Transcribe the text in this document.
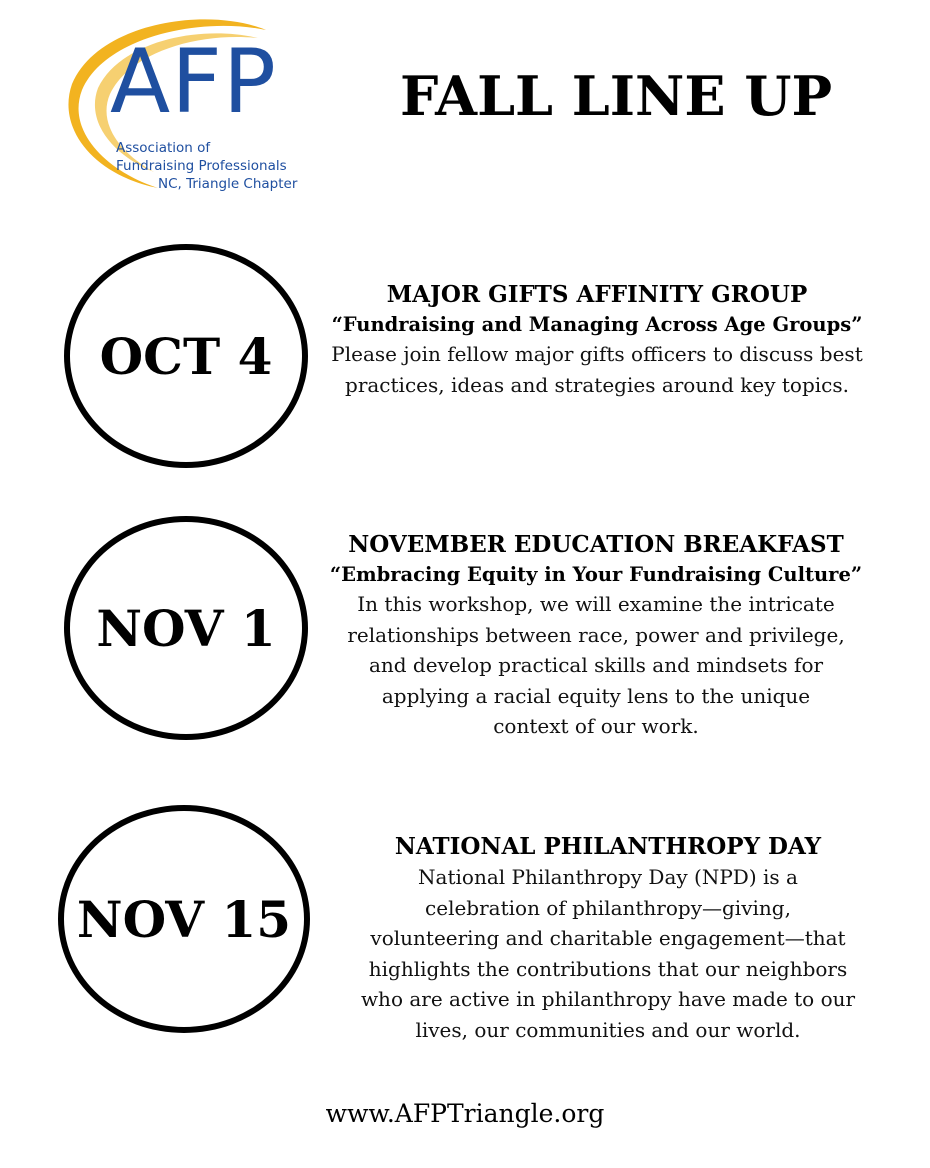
AFP
Association of
Fundraising Professionals
NC, Triangle Chapter
FALL LINE UP
OCT 4
MAJOR GIFTS AFFINITY GROUP
“Fundraising and Managing Across Age Groups”
Please join fellow major gifts officers to discuss best
practices, ideas and strategies around key topics.
NOV 1
NOVEMBER EDUCATION BREAKFAST
“Embracing Equity in Your Fundraising Culture”
In this workshop, we will examine the intricate
relationships between race, power and privilege,
and develop practical skills and mindsets for
applying a racial equity lens to the unique
context of our work.
NOV 15
NATIONAL PHILANTHROPY DAY
National Philanthropy Day (NPD) is a
celebration of philanthropy—giving,
volunteering and charitable engagement—that
highlights the contributions that our neighbors
who are active in philanthropy have made to our
lives, our communities and our world.
www.AFPTriangle.org
